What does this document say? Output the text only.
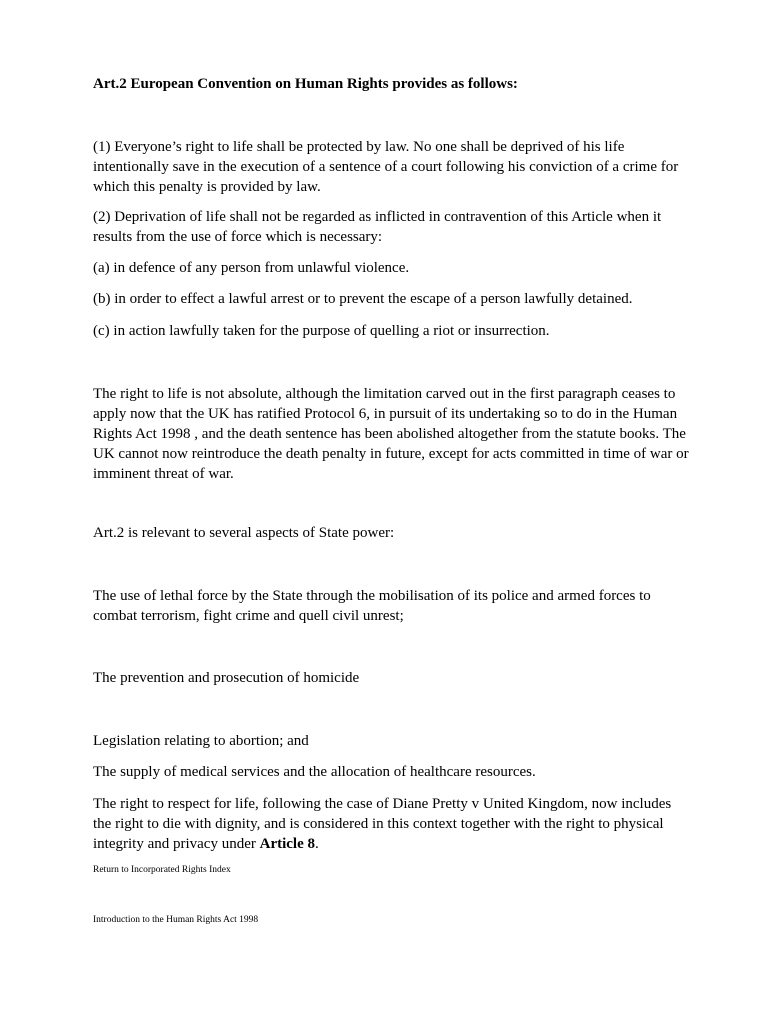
Art.2 European Convention on Human Rights provides as follows:

(1) Everyone’s right to life shall be protected by law. No one shall be deprived of his life intentionally save in the execution of a sentence of a court following his conviction of a crime for which this penalty is provided by law.

(2) Deprivation of life shall not be regarded as inflicted in contravention of this Article when it results from the use of force which is necessary:

(a) in defence of any person from unlawful violence.

(b) in order to effect a lawful arrest or to prevent the escape of a person lawfully detained.

(c) in action lawfully taken for the purpose of quelling a riot or insurrection.

The right to life is not absolute, although the limitation carved out in the first paragraph ceases to apply now that the UK has ratified Protocol 6, in pursuit of its undertaking so to do in the Human Rights Act 1998 , and the death sentence has been abolished altogether from the statute books. The UK cannot now reintroduce the death penalty in future, except for acts committed in time of war or imminent threat of war.

Art.2 is relevant to several aspects of State power:

The use of lethal force by the State through the mobilisation of its police and armed forces to combat terrorism, fight crime and quell civil unrest;

The prevention and prosecution of homicide

Legislation relating to abortion; and

The supply of medical services and the allocation of healthcare resources.

The right to respect for life, following the case of Diane Pretty v United Kingdom, now includes the right to die with dignity, and is considered in this context together with the right to physical integrity and privacy under Article 8.

Return to Incorporated Rights Index
Introduction to the Human Rights Act 1998
